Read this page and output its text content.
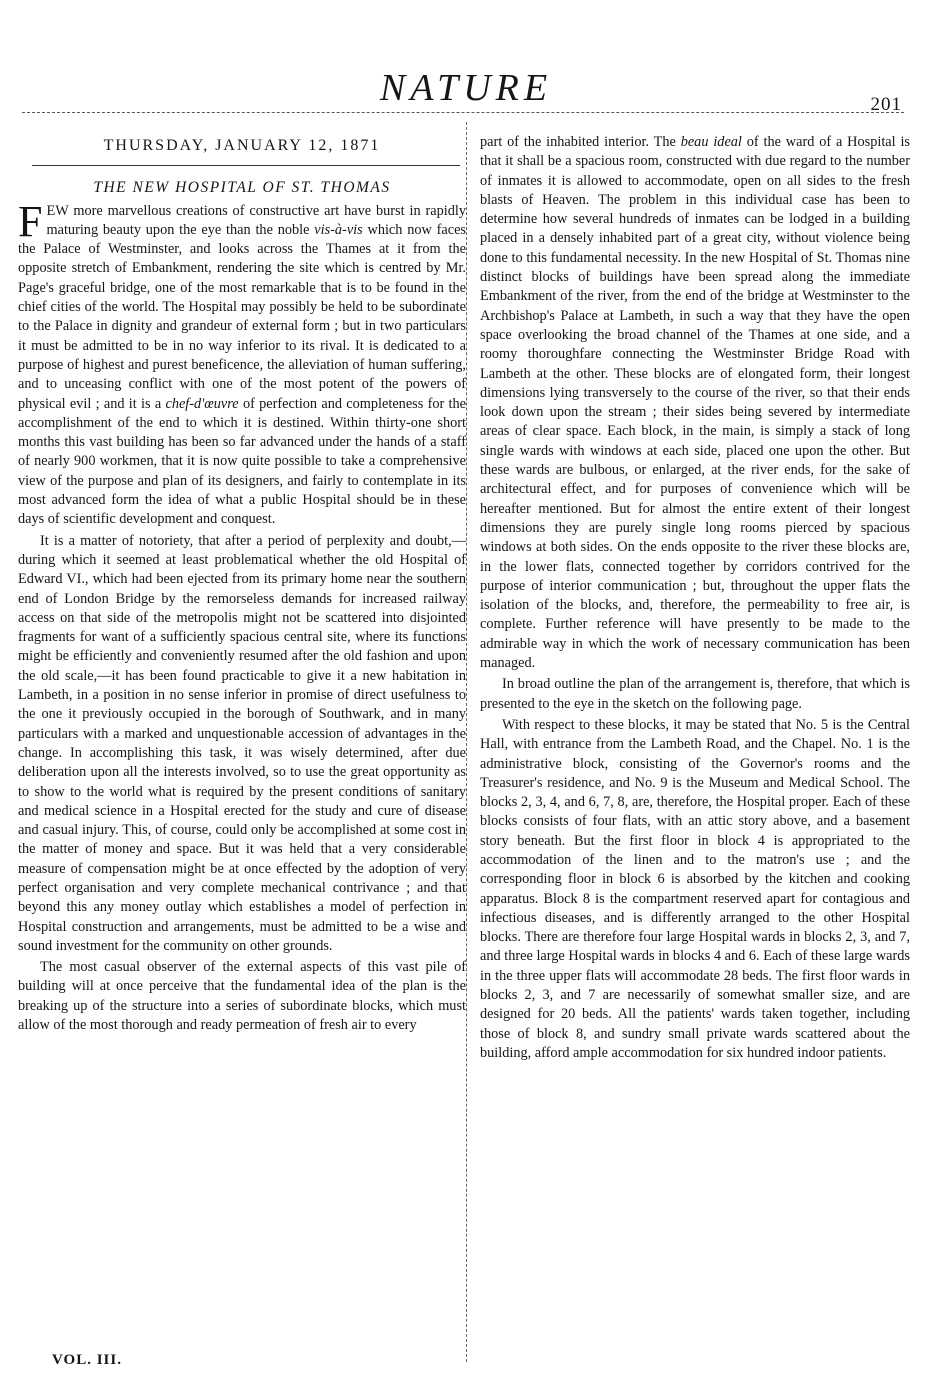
NATURE	201
THURSDAY, JANUARY 12, 1871
THE NEW HOSPITAL OF ST. THOMAS

FEW more marvellous creations of constructive art have burst in rapidly maturing beauty upon the eye than the noble vis-à-vis which now faces the Palace of Westminster, and looks across the Thames at it from the opposite stretch of Embankment, rendering the site which is centred by Mr. Page's graceful bridge, one of the most remarkable that is to be found in the chief cities of the world. The Hospital may possibly be held to be subordinate to the Palace in dignity and grandeur of external form ; but in two particulars it must be admitted to be in no way inferior to its rival. It is dedicated to a purpose of highest and purest beneficence, the alleviation of human suffering, and to unceasing conflict with one of the most potent of the powers of physical evil ; and it is a chef-d'œuvre of perfection and completeness for the accomplishment of the end to which it is destined. Within thirty-one short months this vast building has been so far advanced under the hands of a staff of nearly 900 workmen, that it is now quite possible to take a comprehensive view of the purpose and plan of its designers, and fairly to contemplate in its most advanced form the idea of what a public Hospital should be in these days of scientific development and conquest.

It is a matter of notoriety, that after a period of perplexity and doubt,—during which it seemed at least problematical whether the old Hospital of Edward VI., which had been ejected from its primary home near the southern end of London Bridge by the remorseless demands for increased railway access on that side of the metropolis might not be scattered into disjointed fragments for want of a sufficiently spacious central site, where its functions might be efficiently and conveniently resumed after the old fashion and upon the old scale,—it has been found practicable to give it a new habitation in Lambeth, in a position in no sense inferior in promise of direct usefulness to the one it previously occupied in the borough of Southwark, and in many particulars with a marked and unquestionable accession of advantages in the change. In accomplishing this task, it was wisely determined, after due deliberation upon all the interests involved, so to use the great opportunity as to show to the world what is required by the present conditions of sanitary and medical science in a Hospital erected for the study and cure of disease and casual injury. This, of course, could only be accomplished at some cost in the matter of money and space. But it was held that a very considerable measure of compensation might be at once effected by the adoption of very perfect organisation and very complete mechanical contrivance ; and that beyond this any money outlay which establishes a model of perfection in Hospital construction and arrangements, must be admitted to be a wise and sound investment for the community on other grounds.

The most casual observer of the external aspects of this vast pile of building will at once perceive that the fundamental idea of the plan is the breaking up of the structure into a series of subordinate blocks, which must allow of the most thorough and ready permeation of fresh air to every

part of the inhabited interior. The beau ideal of the ward of a Hospital is that it shall be a spacious room, constructed with due regard to the number of inmates it is allowed to accommodate, open on all sides to the fresh blasts of Heaven. The problem in this individual case has been to determine how several hundreds of inmates can be lodged in a building placed in a densely inhabited part of a great city, without violence being done to this fundamental necessity. In the new Hospital of St. Thomas nine distinct blocks of buildings have been spread along the immediate Embankment of the river, from the end of the bridge at Westminster to the Archbishop's Palace at Lambeth, in such a way that they have the open space overlooking the broad channel of the Thames at one side, and a roomy thoroughfare connecting the Westminster Bridge Road with Lambeth at the other. These blocks are of elongated form, their longest dimensions lying transversely to the course of the river, so that their ends look down upon the stream ; their sides being severed by intermediate areas of clear space. Each block, in the main, is simply a stack of long single wards with windows at each side, placed one upon the other. But these wards are bulbous, or enlarged, at the river ends, for the sake of architectural effect, and for purposes of convenience which will be hereafter mentioned. But for almost the entire extent of their longest dimensions they are purely single long rooms pierced by spacious windows at both sides. On the ends opposite to the river these blocks are, in the lower flats, connected together by corridors contrived for the purpose of interior communication ; but, throughout the upper flats the isolation of the blocks, and, therefore, the permeability to free air, is complete. Further reference will have presently to be made to the admirable way in which the work of necessary communication has been managed.

In broad outline the plan of the arrangement is, therefore, that which is presented to the eye in the sketch on the following page.

With respect to these blocks, it may be stated that No. 5 is the Central Hall, with entrance from the Lambeth Road, and the Chapel. No. 1 is the administrative block, consisting of the Governor's rooms and the Treasurer's residence, and No. 9 is the Museum and Medical School. The blocks 2, 3, 4, and 6, 7, 8, are, therefore, the Hospital proper. Each of these blocks consists of four flats, with an attic story above, and a basement story beneath. But the first floor in block 4 is appropriated to the accommodation of the linen and to the matron's use ; and the corresponding floor in block 6 is absorbed by the kitchen and cooking apparatus. Block 8 is the compartment reserved apart for contagious and infectious diseases, and is differently arranged to the other Hospital blocks. There are therefore four large Hospital wards in blocks 2, 3, and 7, and three large Hospital wards in blocks 4 and 6. Each of these large wards in the three upper flats will accommodate 28 beds. The first floor wards in blocks 2, 3, and 7 are necessarily of somewhat smaller size, and are designed for 20 beds. All the patients' wards taken together, including those of block 8, and sundry small private wards scattered about the building, afford ample accommodation for six hundred indoor patients.

VOL. III.
